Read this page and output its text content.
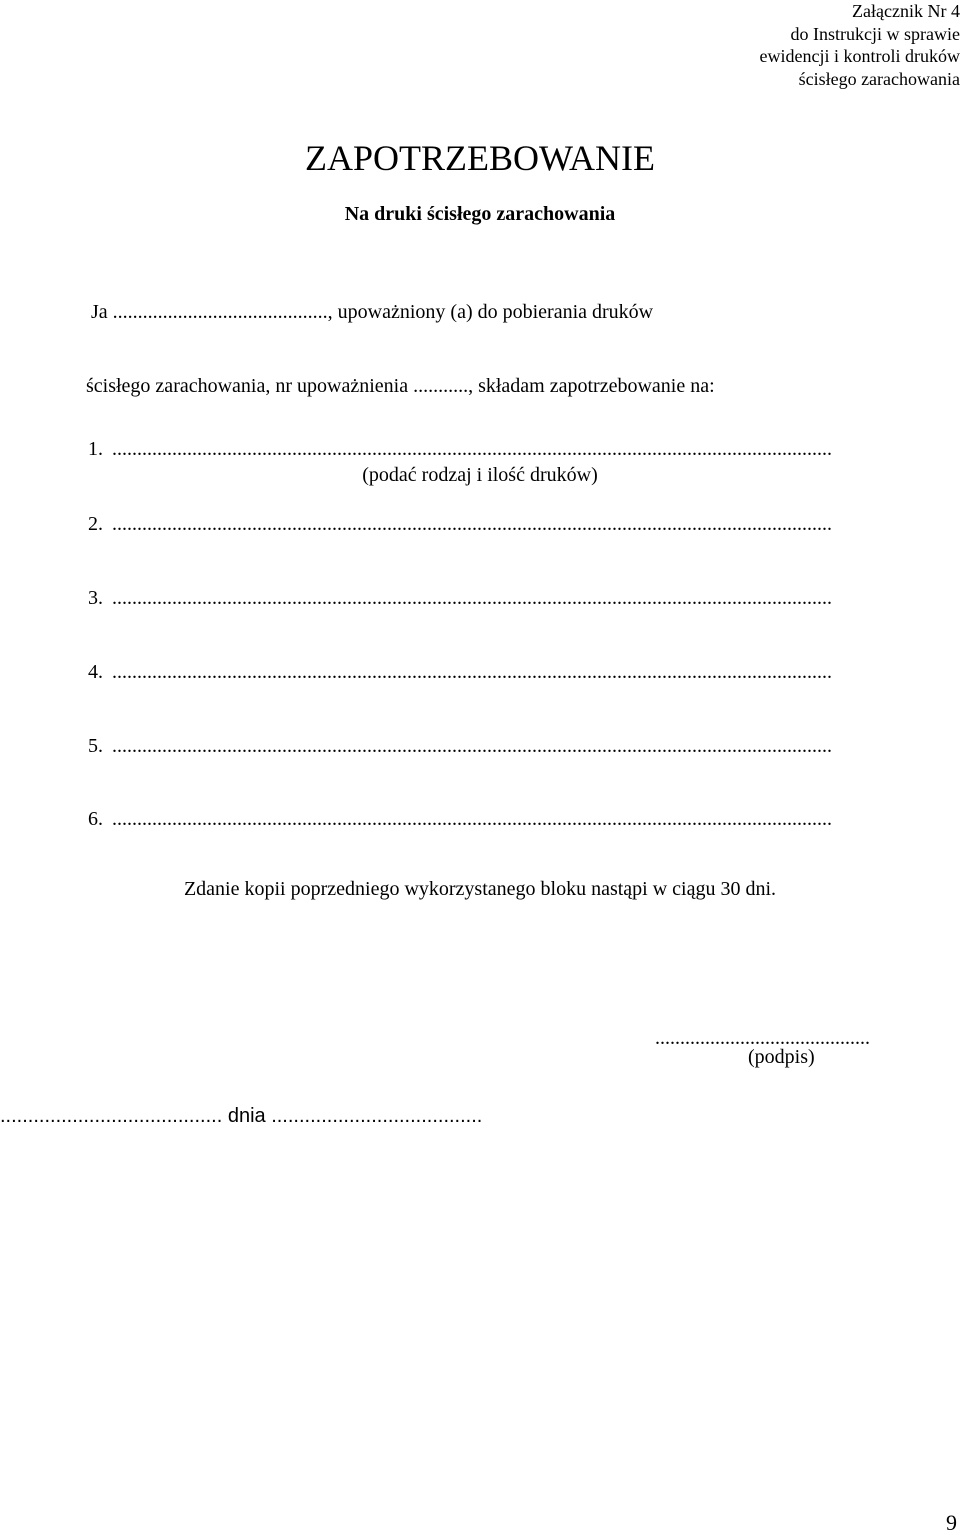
Załącznik Nr 4
do Instrukcji w sprawie
ewidencji i kontroli druków
ścisłego zarachowania
ZAPOTRZEBOWANIE
Na druki ścisłego zarachowania
Ja ..........................................., upoważniony (a) do pobierania druków
ścisłego zarachowania, nr upoważnienia ..........., składam zapotrzebowanie na:
1. ................................................................................................................................................
(podać rodzaj i ilość druków)
2. ................................................................................................................................................
3. ................................................................................................................................................
4. ................................................................................................................................................
5. ................................................................................................................................................
6. ................................................................................................................................................
Zdanie kopii poprzedniego wykorzystanego bloku nastąpi w ciągu 30 dni.
...........................................
(podpis)
........................................ dnia ......................................
9
